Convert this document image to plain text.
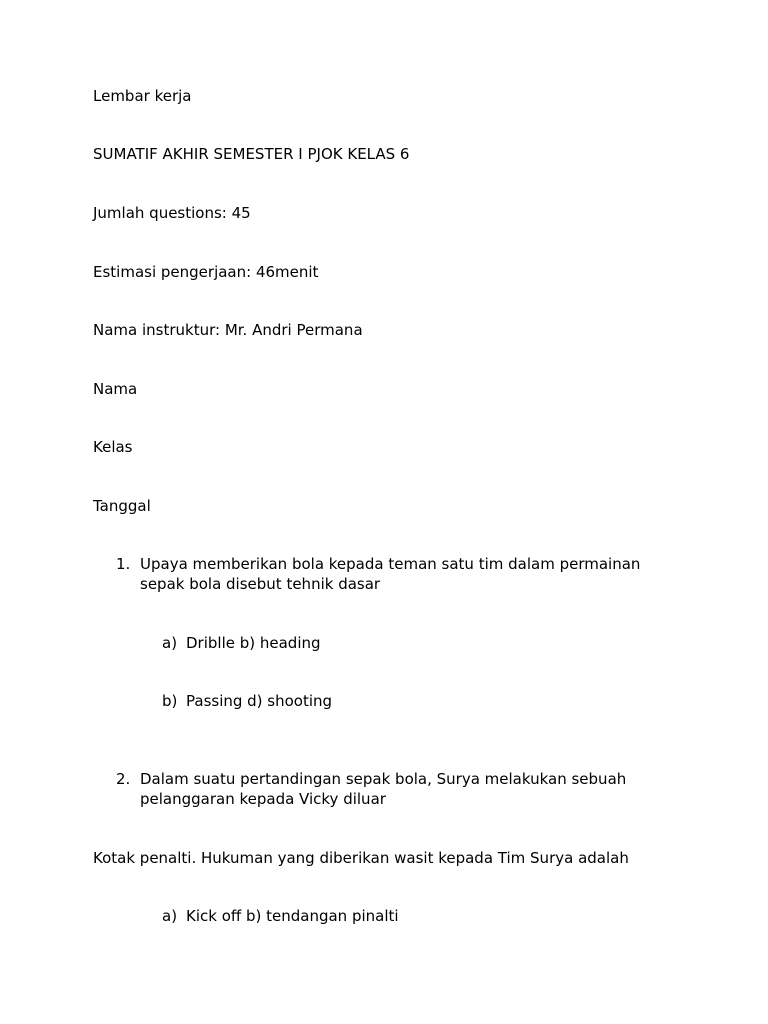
Lembar kerja
SUMATIF AKHIR SEMESTER I PJOK KELAS 6
Jumlah questions: 45
Estimasi pengerjaan: 46menit
Nama instruktur: Mr. Andri Permana
Nama
Kelas
Tanggal
1. Upaya memberikan bola kepada teman satu tim dalam permainan sepak bola disebut tehnik dasar
a) Driblle b) heading
b) Passing d) shooting
2. Dalam suatu pertandingan sepak bola, Surya melakukan sebuah pelanggaran kepada Vicky diluar
Kotak penalti. Hukuman yang diberikan wasit kepada Tim Surya adalah
a) Kick off b) tendangan pinalti
